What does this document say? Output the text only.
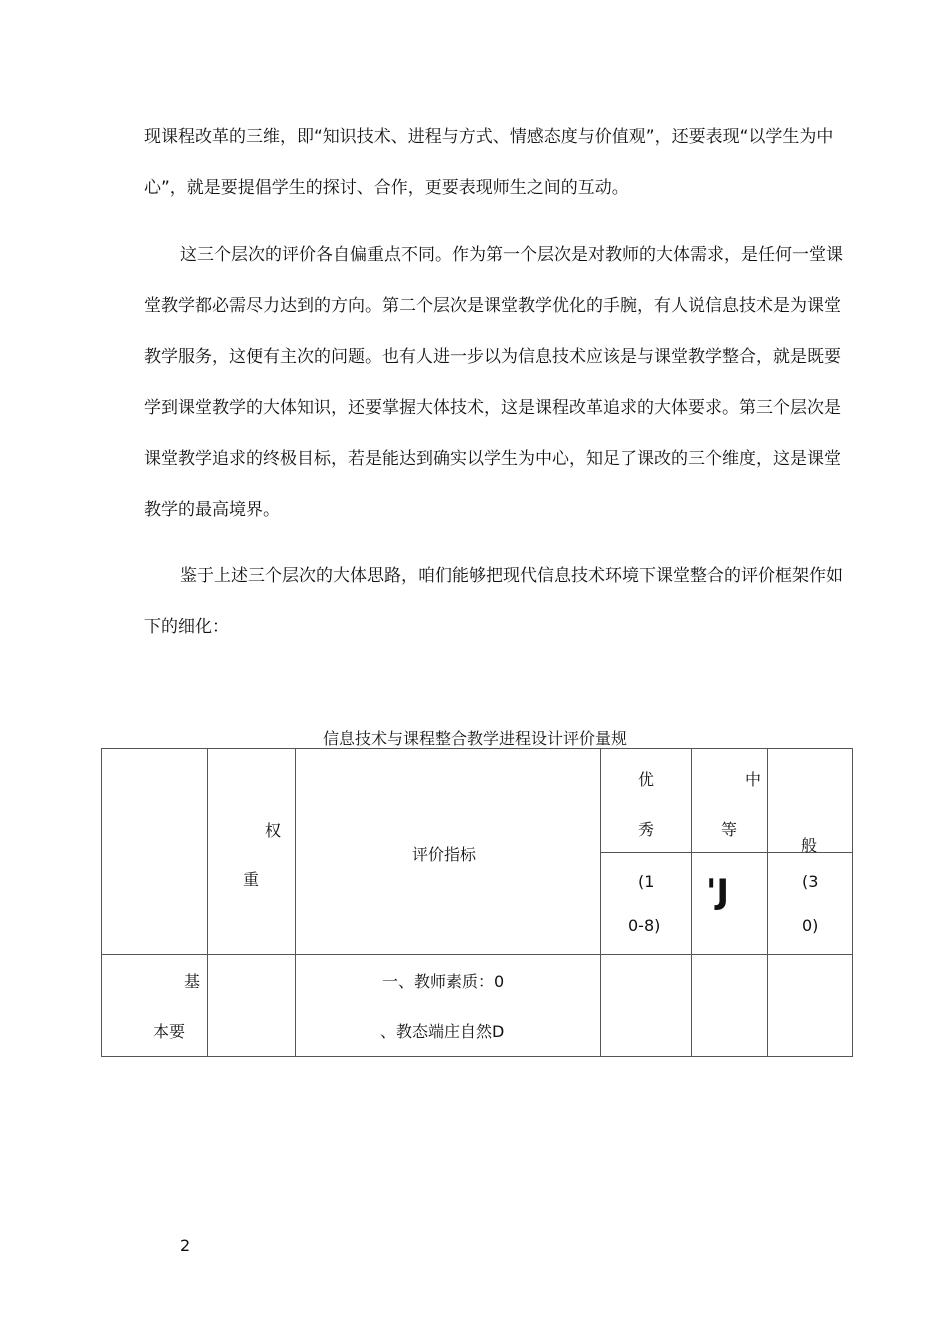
现课程改革的三维，即“知识技术、进程与方式、情感态度与价值观”，还要表现“以学生为中心”，就是要提倡学生的探讨、合作，更要表现师生之间的互动。

这三个层次的评价各自偏重点不同。作为第一个层次是对教师的大体需求，是任何一堂课堂教学都必需尽力达到的方向。第二个层次是课堂教学优化的手腕，有人说信息技术是为课堂教学服务，这便有主次的问题。也有人进一步以为信息技术应该是与课堂教学整合，就是既要学到课堂教学的大体知识，还要掌握大体技术，这是课程改革追求的大体要求。第三个层次是课堂教学追求的终极目标，若是能达到确实以学生为中心，知足了课改的三个维度，这是课堂教学的最高境界。

鉴于上述三个层次的大体思路，咱们能够把现代信息技术环境下课堂整合的评价框架作如下的细化：

信息技术与课程整合教学进程设计评价量规
权
重
评价指标
优
秀
(1
0-8)
中
等
'J
般
(3
0)
基
本要
一、教师素质：0
、教态端庄自然D
2
